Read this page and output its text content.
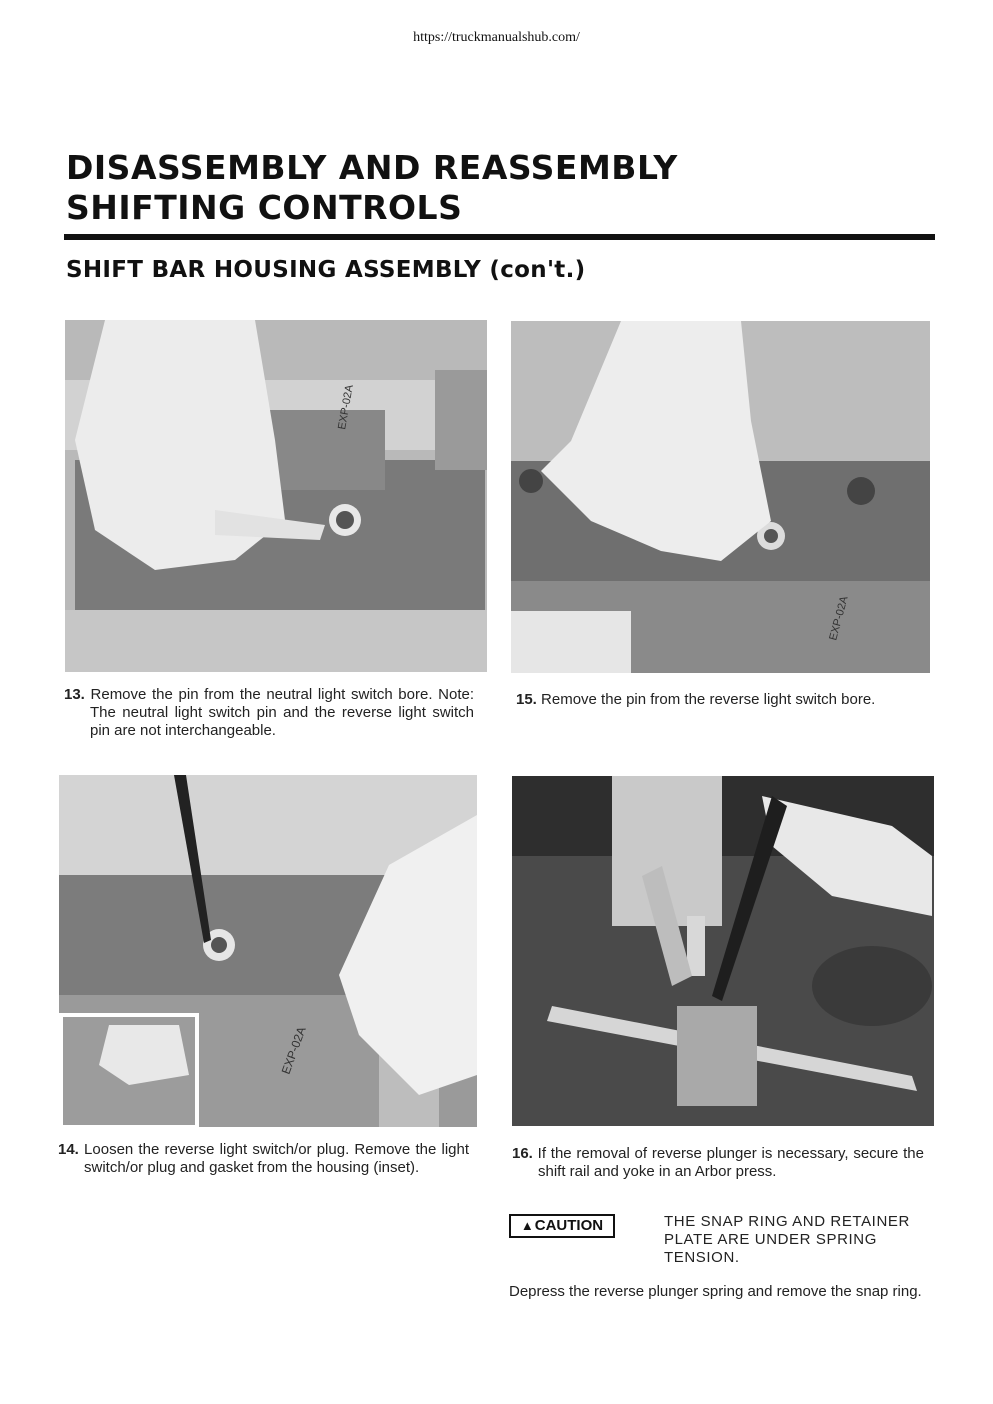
https://truckmanualshub.com/
DISASSEMBLY AND REASSEMBLY
SHIFTING CONTROLS
SHIFT BAR HOUSING ASSEMBLY (con't.)
EXP-02A
EXP-02A
EXP-02A
13. Remove the pin from the neutral light switch bore. Note: The neutral light switch pin and the reverse light switch pin are not interchangeable.
15. Remove the pin from the reverse light switch bore.
14. Loosen the reverse light switch/or plug. Remove the light switch/or plug and gasket from the housing (inset).
16. If the removal of reverse plunger is necessary, secure the shift rail and yoke in an Arbor press.
▲CAUTION	THE SNAP RING AND RETAINER PLATE ARE UNDER SPRING TENSION.
Depress the reverse plunger spring and remove the snap ring.
